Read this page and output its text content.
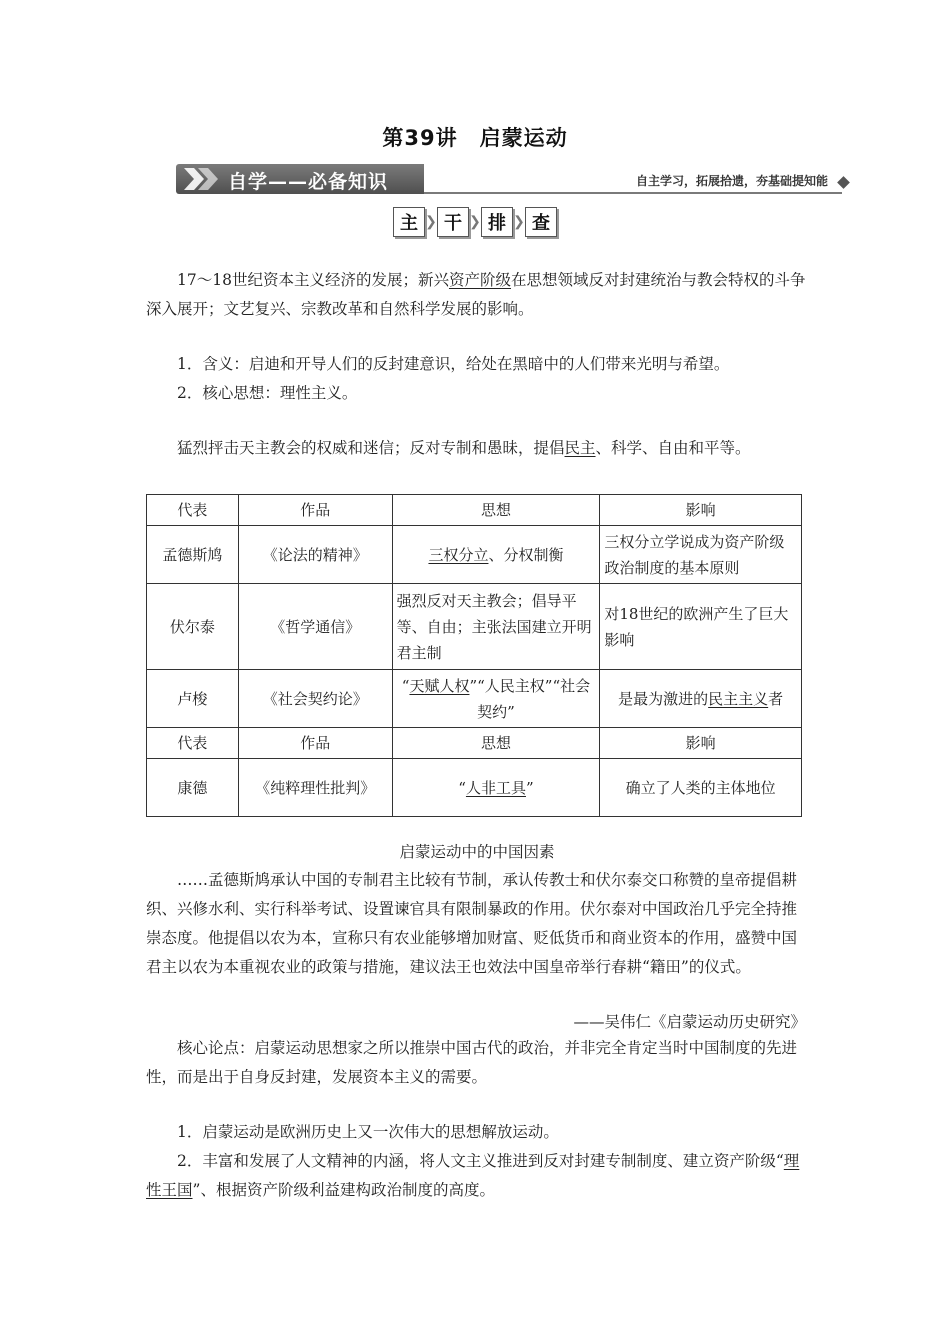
第39讲 启蒙运动
自学——必备知识	自主学习，拓展拾遗，夯基础提知能
主 ❯ 干 ❯ 排 ❯ 查

17～18世纪资本主义经济的发展；新兴资产阶级在思想领域反对封建统治与教会特权的斗争深入展开；文艺复兴、宗教改革和自然科学发展的影响。

1．含义：启迪和开导人们的反封建意识，给处在黑暗中的人们带来光明与希望。

2．核心思想：理性主义。

猛烈抨击天主教会的权威和迷信；反对专制和愚昧，提倡民主、科学、自由和平等。

代表	作品	思想	影响
孟德斯鸠	《论法的精神》	三权分立、分权制衡	三权分立学说成为资产阶级政治制度的基本原则
伏尔泰	《哲学通信》	强烈反对天主教会；倡导平等、自由；主张法国建立开明君主制	对18世纪的欧洲产生了巨大影响
卢梭	《社会契约论》	“天赋人权”“人民主权”“社会契约”	是最为激进的民主主义者
代表	作品	思想	影响
康德	《纯粹理性批判》	“人非工具”	确立了人类的主体地位

启蒙运动中的中国因素

……孟德斯鸠承认中国的专制君主比较有节制，承认传教士和伏尔泰交口称赞的皇帝提倡耕织、兴修水利、实行科举考试、设置谏官具有限制暴政的作用。伏尔泰对中国政治几乎完全持推崇态度。他提倡以农为本，宣称只有农业能够增加财富、贬低货币和商业资本的作用，盛赞中国君主以农为本重视农业的政策与措施，建议法王也效法中国皇帝举行春耕“籍田”的仪式。

——吴伟仁《启蒙运动历史研究》

核心论点：启蒙运动思想家之所以推崇中国古代的政治，并非完全肯定当时中国制度的先进性，而是出于自身反封建，发展资本主义的需要。

1．启蒙运动是欧洲历史上又一次伟大的思想解放运动。

2．丰富和发展了人文精神的内涵，将人文主义推进到反对封建专制制度、建立资产阶级“理性王国”、根据资产阶级利益建构政治制度的高度。
